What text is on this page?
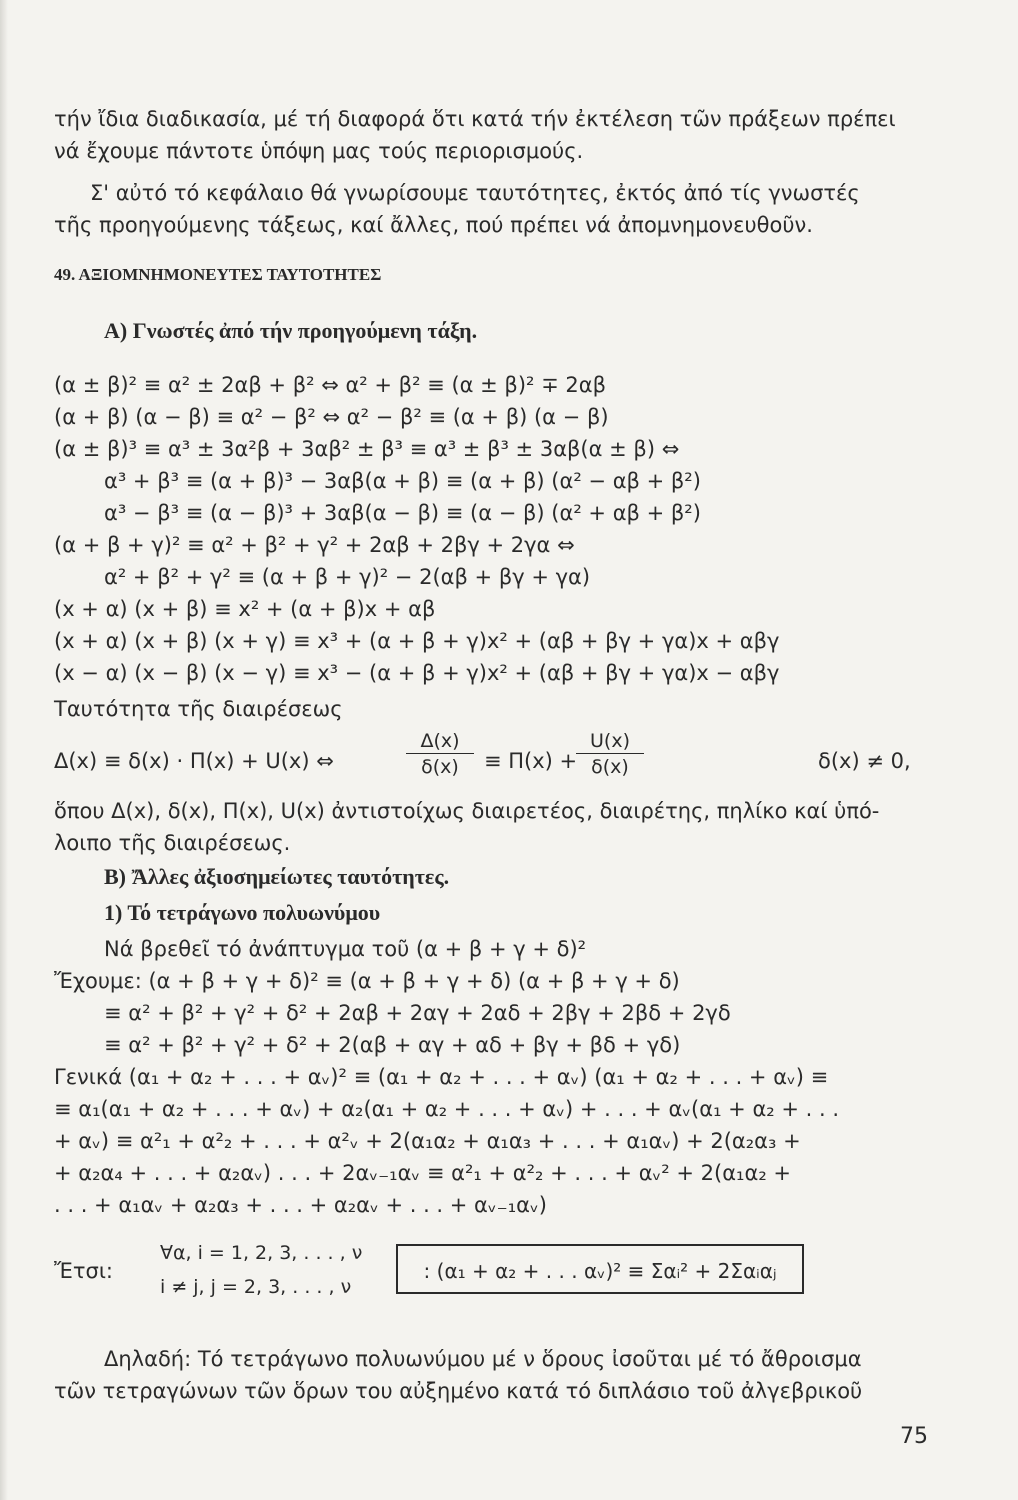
τήν ἴδια διαδικασία, μέ τή διαφορά ὅτι κατά τήν ἐκτέλεση τῶν πράξεων πρέπει
νά ἔχουμε πάντοτε ὑπόψη μας τούς περιορισμούς.
Σ' αὐτό τό κεφάλαιο θά γνωρίσουμε ταυτότητες, ἐκτός ἀπό τίς γνωστές
τῆς προηγούμενης τάξεως, καί ἄλλες, πού πρέπει νά ἀπομνημονευθοῦν.
49. ΑΞΙΟΜΝΗΜΟΝΕΥΤΕΣ ΤΑΥΤΟΤΗΤΕΣ
Α) Γνωστές ἀπό τήν προηγούμενη τάξη.
(α ± β)² ≡ α² ± 2αβ + β² ⇔ α² + β² ≡ (α ± β)² ∓ 2αβ
(α + β) (α − β) ≡ α² − β² ⇔ α² − β² ≡ (α + β) (α − β)
(α ± β)³ ≡ α³ ± 3α²β + 3αβ² ± β³ ≡ α³ ± β³ ± 3αβ(α ± β) ⇔
α³ + β³ ≡ (α + β)³ − 3αβ(α + β) ≡ (α + β) (α² − αβ + β²)
α³ − β³ ≡ (α − β)³ + 3αβ(α − β) ≡ (α − β) (α² + αβ + β²)
(α + β + γ)² ≡ α² + β² + γ² + 2αβ + 2βγ + 2γα ⇔
α² + β² + γ² ≡ (α + β + γ)² − 2(αβ + βγ + γα)
(x + α) (x + β) ≡ x² + (α + β)x + αβ
(x + α) (x + β) (x + γ) ≡ x³ + (α + β + γ)x² + (αβ + βγ + γα)x + αβγ
(x − α) (x − β) (x − γ) ≡ x³ − (α + β + γ)x² + (αβ + βγ + γα)x − αβγ
Ταυτότητα τῆς διαιρέσεως
Δ(x) ≡ δ(x) · Π(x) + U(x) ⇔	$\frac{\Delta(x)}{\delta(x)} \equiv \Pi(x)$ +
$\frac{U(x)}{\delta(x)}$	δ(x) ≠ 0,
ὅπου Δ(x), δ(x), Π(x), U(x) ἀντιστοίχως διαιρετέος, διαιρέτης, πηλίκο καί ὑπό-
λοιπο τῆς διαιρέσεως.
Β) Ἄλλες ἀξιοσημείωτες ταυτότητες.
1) Τό τετράγωνο πολυωνύμου
Νά βρεθεῖ τό ἀνάπτυγμα τοῦ (α + β + γ + δ)²
Ἔχουμε: (α + β + γ + δ)² ≡ (α + β + γ + δ) (α + β + γ + δ)
≡ α² + β² + γ² + δ² + 2αβ + 2αγ + 2αδ + 2βγ + 2βδ + 2γδ
≡ α² + β² + γ² + δ² + 2(αβ + αγ + αδ + βγ + βδ + γδ)
Γενικά (α₁ + α₂ + . . . + αᵥ)² ≡ (α₁ + α₂ + . . . + αᵥ) (α₁ + α₂ + . . . + αᵥ) ≡
≡ α₁(α₁ + α₂ + . . . + αᵥ) + α₂(α₁ + α₂ + . . . + αᵥ) + . . . + αᵥ(α₁ + α₂ + . . .
+ αᵥ) ≡ α²₁ + α²₂ + . . . + α²ᵥ + 2(α₁α₂ + α₁α₃ + . . . + α₁αᵥ) + 2(α₂α₃ +
+ α₂α₄ + . . . + α₂αᵥ) . . . + 2αᵥ₋₁αᵥ ≡ α²₁ + α²₂ + . . . + αᵥ² + 2(α₁α₂ +
. . . + α₁αᵥ + α₂α₃ + . . . + α₂αᵥ + . . . + αᵥ₋₁αᵥ)
Ἔτσι:
∀α, i = 1, 2, 3, . . . , ν
i ≠ j, j = 2, 3, . . . , ν
: (α₁ + α₂ + . . . αᵥ)² ≡ Σαᵢ² + 2Σαᵢαⱼ
Δηλαδή: Τό τετράγωνο πολυωνύμου μέ ν ὅρους ἰσοῦται μέ τό ἄθροισμα
τῶν τετραγώνων τῶν ὅρων του αὐξημένο κατά τό διπλάσιο τοῦ ἀλγεβρικοῦ
75
